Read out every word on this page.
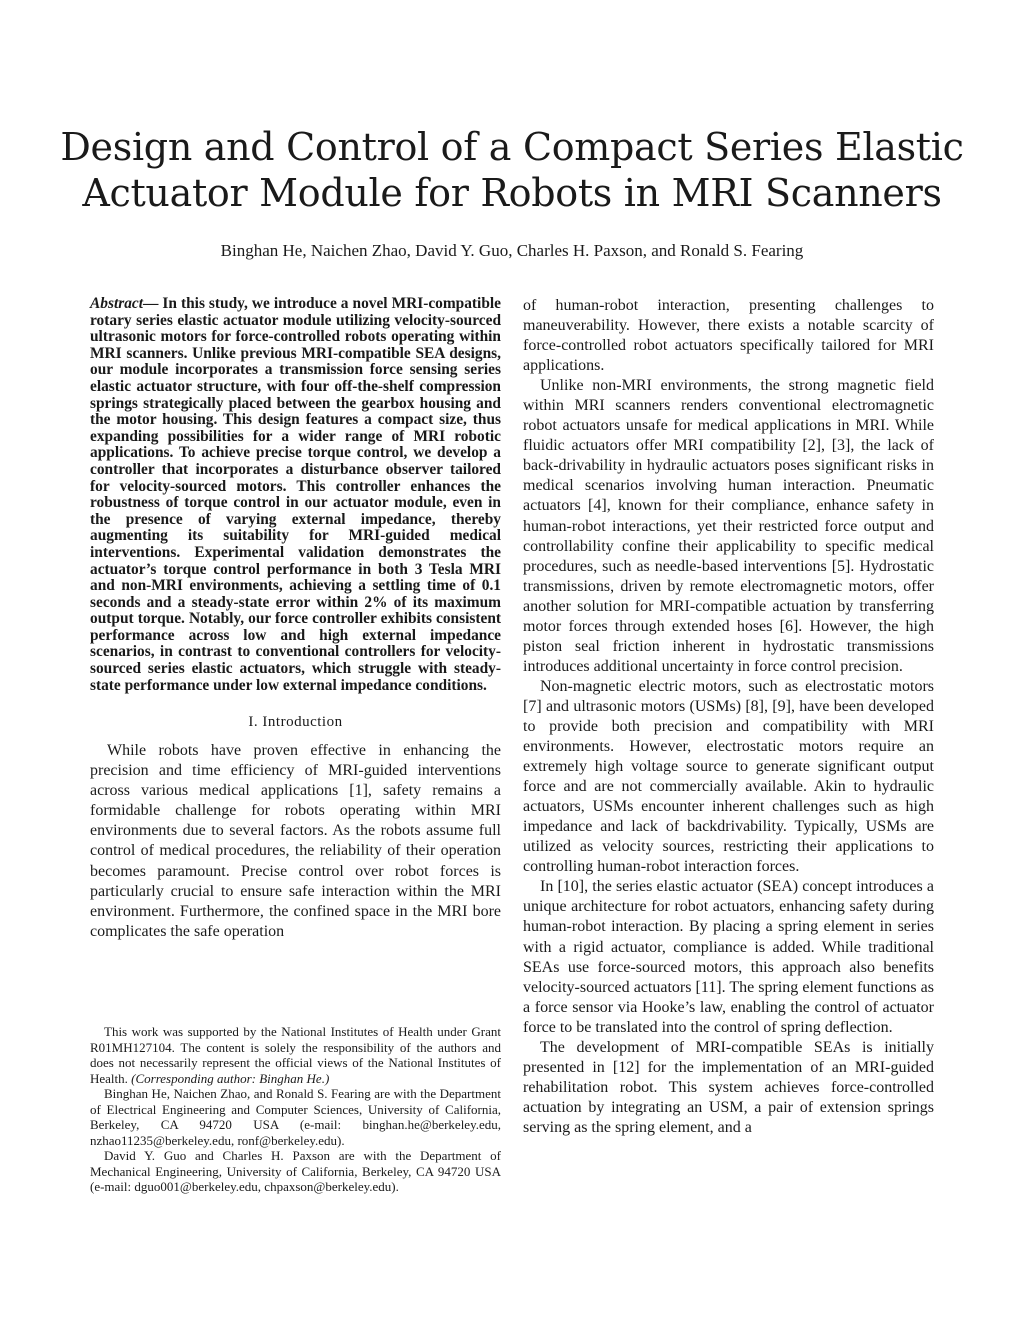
Design and Control of a Compact Series Elastic
Actuator Module for Robots in MRI Scanners
Binghan He, Naichen Zhao, David Y. Guo, Charles H. Paxson, and Ronald S. Fearing

Abstract— In this study, we introduce a novel MRI-compatible rotary series elastic actuator module utilizing velocity-sourced ultrasonic motors for force-controlled robots operating within MRI scanners. Unlike previous MRI-compatible SEA designs, our module incorporates a transmission force sensing series elastic actuator structure, with four off-the-shelf compression springs strategically placed between the gearbox housing and the motor housing. This design features a compact size, thus expanding possibilities for a wider range of MRI robotic applications. To achieve precise torque control, we develop a controller that incorporates a disturbance observer tailored for velocity-sourced motors. This controller enhances the robustness of torque control in our actuator module, even in the presence of varying external impedance, thereby augmenting its suitability for MRI-guided medical interventions. Experimental validation demonstrates the actuator’s torque control performance in both 3 Tesla MRI and non-MRI environments, achieving a settling time of 0.1 seconds and a steady-state error within 2% of its maximum output torque. Notably, our force controller exhibits consistent performance across low and high external impedance scenarios, in contrast to conventional controllers for velocity-sourced series elastic actuators, which struggle with steady-state performance under low external impedance conditions.

I. Introduction

While robots have proven effective in enhancing the precision and time efficiency of MRI-guided interventions across various medical applications [1], safety remains a formidable challenge for robots operating within MRI environments due to several factors. As the robots assume full control of medical procedures, the reliability of their operation becomes paramount. Precise control over robot forces is particularly crucial to ensure safe interaction within the MRI environment. Furthermore, the confined space in the MRI bore complicates the safe operation

This work was supported by the National Institutes of Health under Grant R01MH127104. The content is solely the responsibility of the authors and does not necessarily represent the official views of the National Institutes of Health. (Corresponding author: Binghan He.)

Binghan He, Naichen Zhao, and Ronald S. Fearing are with the Department of Electrical Engineering and Computer Sciences, University of California, Berkeley, CA 94720 USA (e-mail: binghan.he@berkeley.edu, nzhao11235@berkeley.edu, ronf@berkeley.edu).

David Y. Guo and Charles H. Paxson are with the Department of Mechanical Engineering, University of California, Berkeley, CA 94720 USA (e-mail: dguo001@berkeley.edu, chpaxson@berkeley.edu).

of human-robot interaction, presenting challenges to maneuverability. However, there exists a notable scarcity of force-controlled robot actuators specifically tailored for MRI applications.

Unlike non-MRI environments, the strong magnetic field within MRI scanners renders conventional electromagnetic robot actuators unsafe for medical applications in MRI. While fluidic actuators offer MRI compatibility [2], [3], the lack of back-drivability in hydraulic actuators poses significant risks in medical scenarios involving human interaction. Pneumatic actuators [4], known for their compliance, enhance safety in human-robot interactions, yet their restricted force output and controllability confine their applicability to specific medical procedures, such as needle-based interventions [5]. Hydrostatic transmissions, driven by remote electromagnetic motors, offer another solution for MRI-compatible actuation by transferring motor forces through extended hoses [6]. However, the high piston seal friction inherent in hydrostatic transmissions introduces additional uncertainty in force control precision.

Non-magnetic electric motors, such as electrostatic motors [7] and ultrasonic motors (USMs) [8], [9], have been developed to provide both precision and compatibility with MRI environments. However, electrostatic motors require an extremely high voltage source to generate significant output force and are not commercially available. Akin to hydraulic actuators, USMs encounter inherent challenges such as high impedance and lack of backdrivability. Typically, USMs are utilized as velocity sources, restricting their applications to controlling human-robot interaction forces.

In [10], the series elastic actuator (SEA) concept introduces a unique architecture for robot actuators, enhancing safety during human-robot interaction. By placing a spring element in series with a rigid actuator, compliance is added. While traditional SEAs use force-sourced motors, this approach also benefits velocity-sourced actuators [11]. The spring element functions as a force sensor via Hooke’s law, enabling the control of actuator force to be translated into the control of spring deflection.

The development of MRI-compatible SEAs is initially presented in [12] for the implementation of an MRI-guided rehabilitation robot. This system achieves force-controlled actuation by integrating an USM, a pair of extension springs serving as the spring element, and a
